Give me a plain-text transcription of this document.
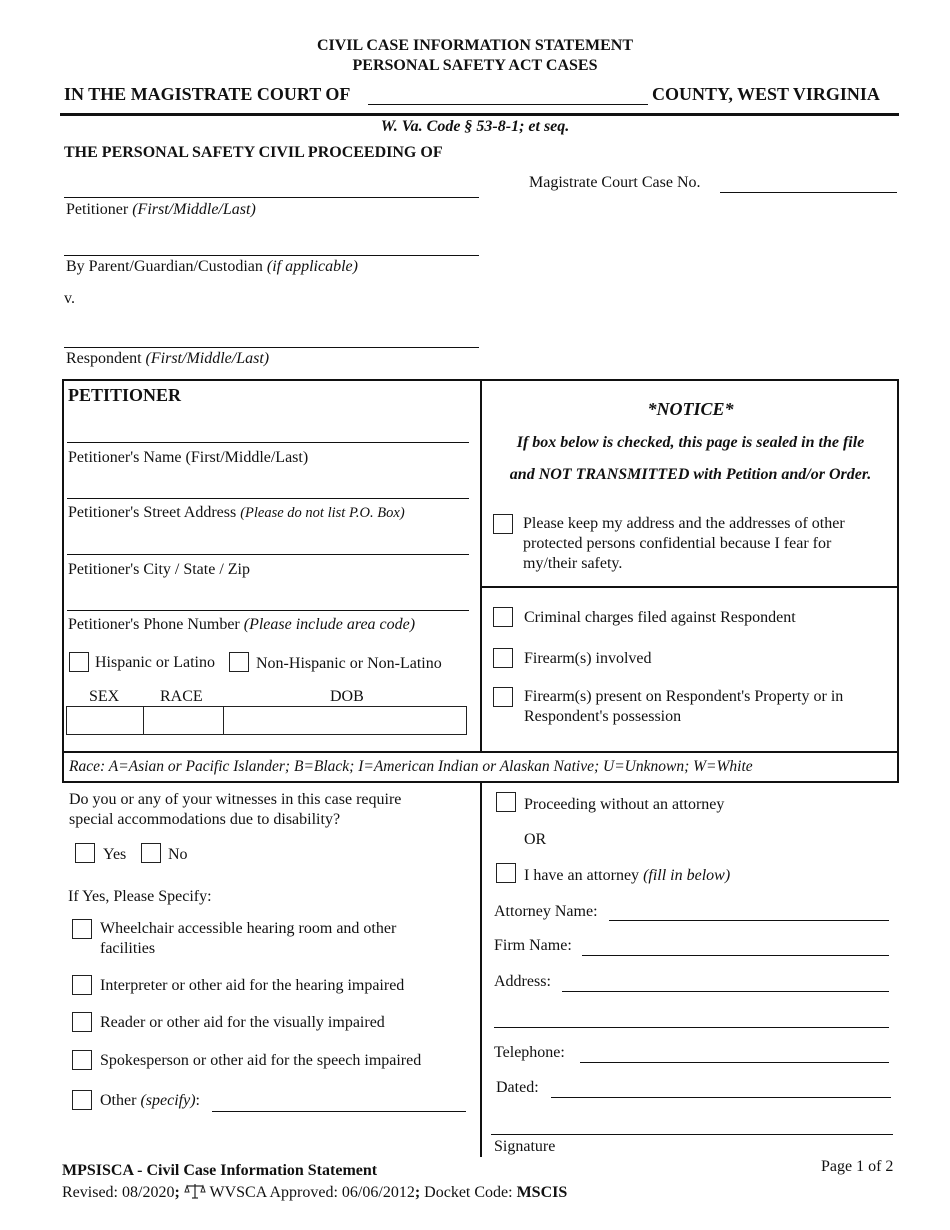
CIVIL CASE INFORMATION STATEMENT
PERSONAL SAFETY ACT CASES
IN THE MAGISTRATE COURT OF	COUNTY, WEST VIRGINIA
W. Va. Code § 53-8-1; et seq.
THE PERSONAL SAFETY CIVIL PROCEEDING OF
Magistrate Court Case No.
Petitioner (First/Middle/Last)
By Parent/Guardian/Custodian (if applicable)
v.
Respondent (First/Middle/Last)
PETITIONER
Petitioner's Name (First/Middle/Last)
Petitioner's Street Address (Please do not list P.O. Box)
Petitioner's City / State / Zip
Petitioner's Phone Number (Please include area code)
Hispanic or Latino	Non-Hispanic or Non-Latino
SEX	RACE	DOB
*NOTICE*
If box below is checked, this page is sealed in the file
and NOT TRANSMITTED with Petition and/or Order.
Please keep my address and the addresses of other protected persons confidential because I fear for my/their safety.
Criminal charges filed against Respondent
Firearm(s) involved
Firearm(s) present on Respondent's Property or in Respondent's possession
Race: A=Asian or Pacific Islander; B=Black; I=American Indian or Alaskan Native; U=Unknown; W=White
Do you or any of your witnesses in this case require special accommodations due to disability?
Yes	No
If Yes, Please Specify:
Wheelchair accessible hearing room and other facilities
Interpreter or other aid for the hearing impaired
Reader or other aid for the visually impaired
Spokesperson or other aid for the speech impaired
Other (specify):
Proceeding without an attorney
OR
I have an attorney (fill in below)
Attorney Name:
Firm Name:
Address:
Telephone:
Dated:
Signature
MPSISCA - Civil Case Information Statement	Page 1 of 2
Revised: 08/2020; WVSCA Approved: 06/06/2012; Docket Code: MSCIS
